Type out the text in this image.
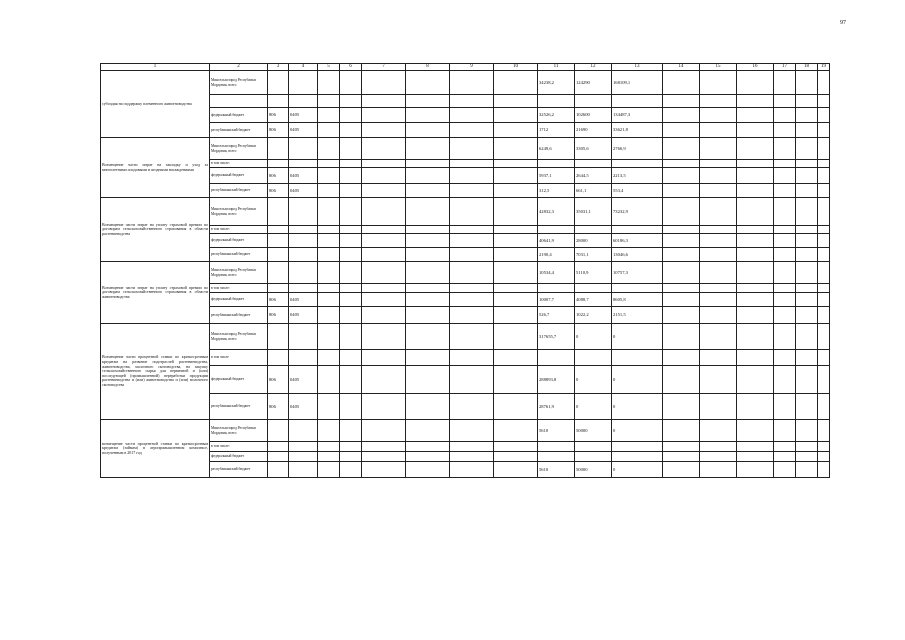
97
1	2	3	4	5	6	7	8	9	10	11	12	13	14	15	16	17	18	19
субсидия на поддержку племенного животноводства	Минсельхозпрод Республики Мордовия, всего									34238,2	124290	168109,1						

	федеральный бюджет	806	0405							32526,2	102600	134487,3						
	республиканский бюджет	806	0405							1712	21690	33621,8						
Возмещение части затрат на закладку и уход за многолетними плодовыми и ягодными насаждениями	Минсельхозпрод Республики Мордовия, всего									6249,6	3305,6	2766,9						
	в том числе:																	
	федеральный бюджет	806	0405							5937,1	2644,5	2213,5						
	республиканский бюджет	806	0405							312,5	661,1	553,4						
Возмещение части затрат на уплату страховой премии по договорам сельскохозяйственного страхования в области растениеводства	Минсельхозпрод Республики Мордовия, всего									42832,3	35031,1	73232,9						
	в том числе:																	
	федеральный бюджет									40641,9	28000	60186,3						
	республиканский бюджет									2190,4	7031,1	13046,6						
Возмещение части затрат на уплату страховой премии по договорам сельскохозяйственного страхования в области животноводства	Минсельхозпрод Республики Мордовия, всего									10534,4	5110,9	10757,3						
	в том числе:																	
	федеральный бюджет	806	0405							10007,7	4088,7	8605,8						
	республиканский бюджет	806	0405							526,7	1022,2	2151,5						
Возмещение части процентной ставки по краткосрочным кредитам на развитие подотраслей растениеводства, животноводства, молочного скотоводства, на закупку сельскохозяйственного сырья для первичной и (или) последующей (промышленной) переработки продукции растениеводства и (или) животноводства и (или) молочного скотоводства	Минсельхозпрод Республики Мордовия, всего									317655,7	0	0						
	в том числе																	
	федеральный бюджет	806	0405							288893,8	0	0						
	республиканский бюджет	806	0405							28761,9	0	0						
возмещение части процентной ставки по краткосрочным кредитам (займам) в агропромышленном комплексе, полученным в 2017 год	Минсельхозпрод Республики Мордовия, всего									5610	50000	0						
	в том числе:																	
	федеральный бюджет																	
	республиканский бюджет									5610	50000	0						
